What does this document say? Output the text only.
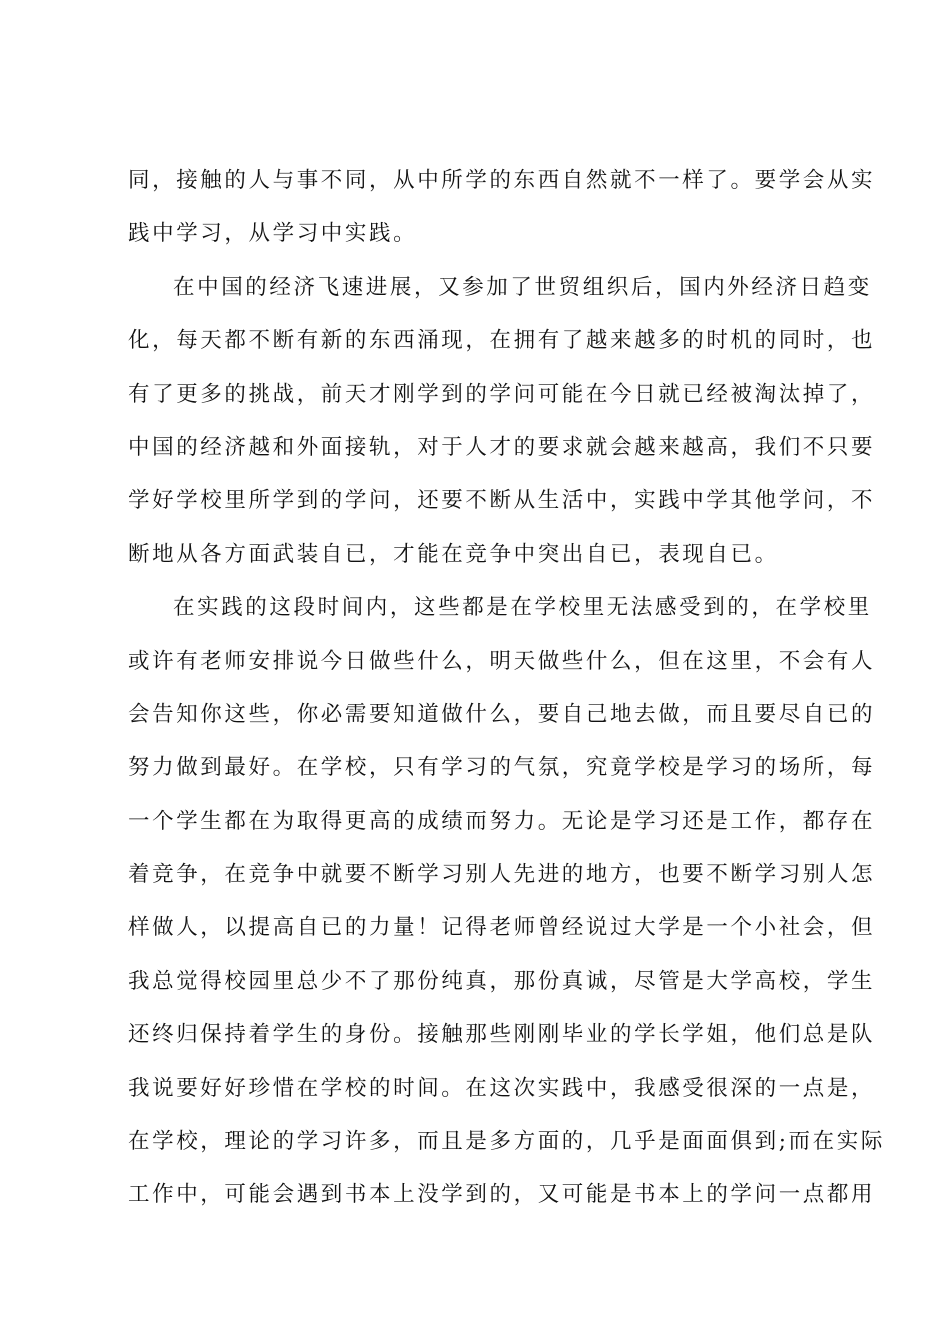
同，接触的人与事不同，从中所学的东西自然就不一样了。要学会从实
践中学习，从学习中实践。
在中国的经济飞速进展，又参加了世贸组织后，国内外经济日趋变
化，每天都不断有新的东西涌现，在拥有了越来越多的时机的同时，也
有了更多的挑战，前天才刚学到的学问可能在今日就已经被淘汰掉了，
中国的经济越和外面接轨，对于人才的要求就会越来越高，我们不只要
学好学校里所学到的学问，还要不断从生活中，实践中学其他学问，不
断地从各方面武装自已，才能在竞争中突出自已，表现自已。
在实践的这段时间内，这些都是在学校里无法感受到的，在学校里
或许有老师安排说今日做些什么，明天做些什么，但在这里，不会有人
会告知你这些，你必需要知道做什么，要自己地去做，而且要尽自已的
努力做到最好。在学校，只有学习的气氛，究竟学校是学习的场所，每
一个学生都在为取得更高的成绩而努力。无论是学习还是工作，都存在
着竞争，在竞争中就要不断学习别人先进的地方，也要不断学习别人怎
样做人，以提高自已的力量！记得老师曾经说过大学是一个小社会，但
我总觉得校园里总少不了那份纯真，那份真诚，尽管是大学高校，学生
还终归保持着学生的身份。接触那些刚刚毕业的学长学姐，他们总是队
我说要好好珍惜在学校的时间。在这次实践中，我感受很深的一点是，
在学校，理论的学习许多，而且是多方面的，几乎是面面俱到;而在实际
工作中，可能会遇到书本上没学到的，又可能是书本上的学问一点都用
